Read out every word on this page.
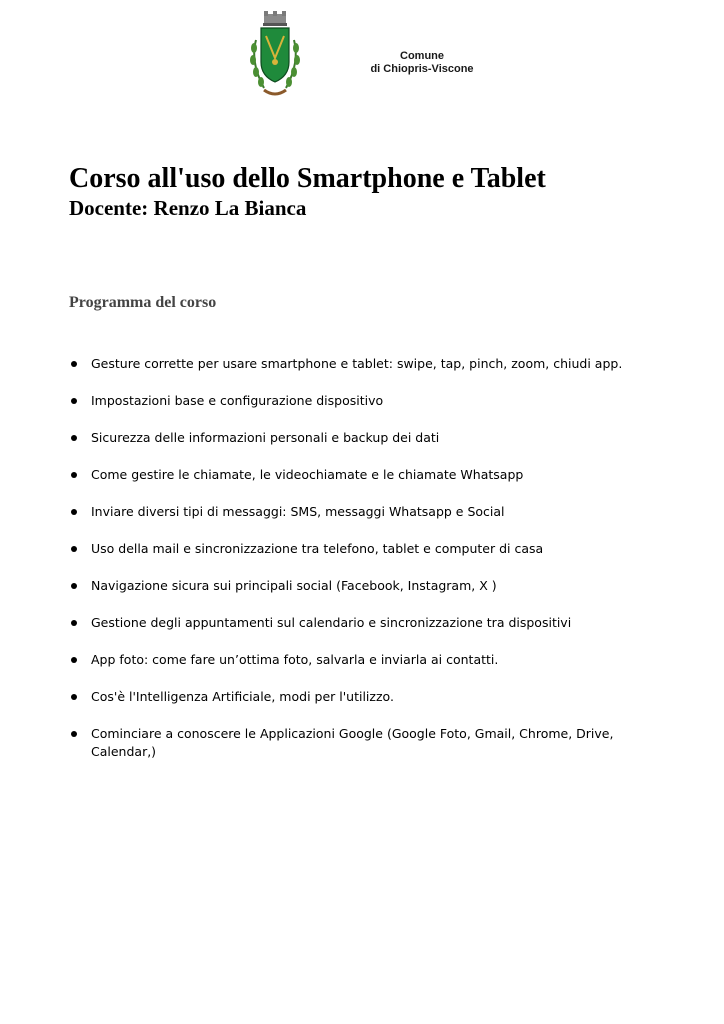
Comune
di Chiopris-Viscone
Corso all'uso dello Smartphone e Tablet
Docente: Renzo La Bianca
Programma del corso
Gesture corrette per usare smartphone e tablet: swipe, tap, pinch, zoom, chiudi app.
Impostazioni base e configurazione dispositivo
Sicurezza delle informazioni personali e backup dei dati
Come gestire le chiamate, le videochiamate e le chiamate Whatsapp
Inviare diversi tipi di messaggi: SMS, messaggi Whatsapp e Social
Uso della mail e sincronizzazione tra telefono, tablet e computer di casa
Navigazione sicura sui principali social (Facebook, Instagram, X )
Gestione degli appuntamenti sul calendario e sincronizzazione tra dispositivi
App foto: come fare un’ottima foto, salvarla e inviarla ai contatti.
Cos'è l'Intelligenza Artificiale, modi per l'utilizzo.
Cominciare a conoscere le Applicazioni Google (Google Foto, Gmail, Chrome, Drive, Calendar,)
